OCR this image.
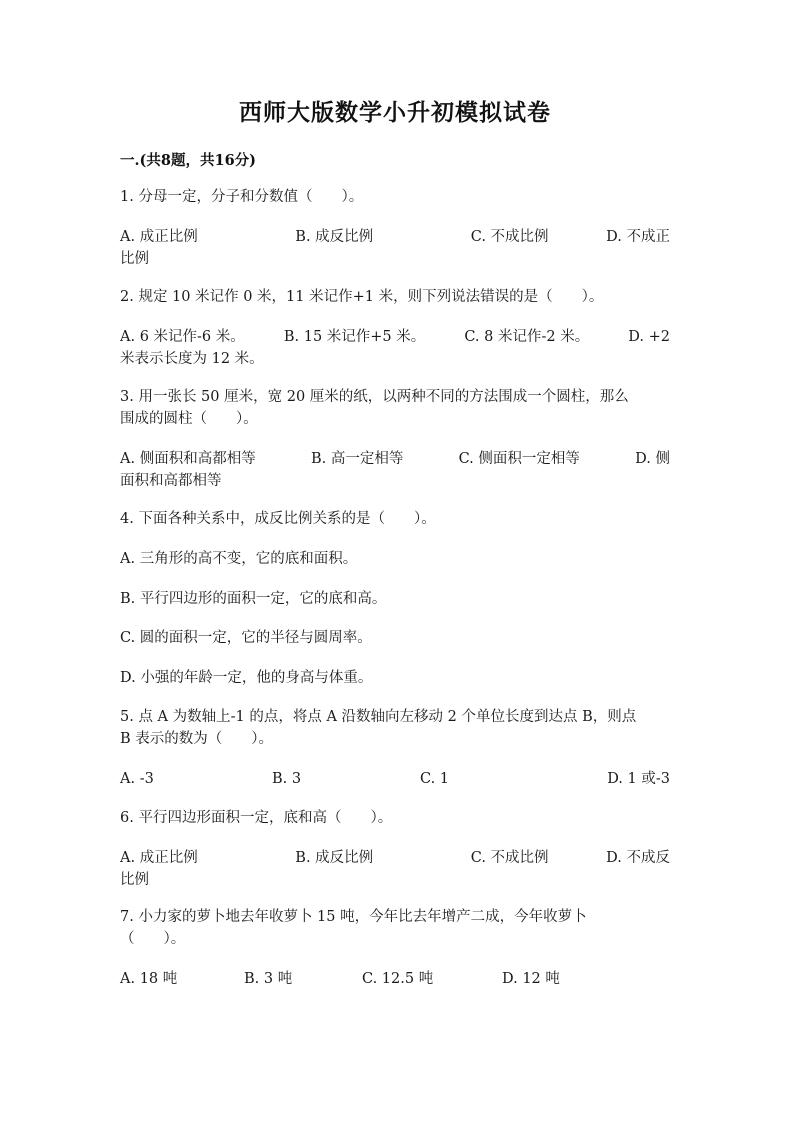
西师大版数学小升初模拟试卷
一.(共8题，共16分)
1. 分母一定，分子和分数值（　　）。
A. 成正比例	B. 成反比例	C. 不成比例	D. 不成正
比例
2. 规定 10 米记作 0 米，11 米记作+1 米，则下列说法错误的是（　　）。
A. 6 米记作-6 米。	B. 15 米记作+5 米。	C. 8 米记作-2 米。	D. +2
米表示长度为 12 米。
3. 用一张长 50 厘米，宽 20 厘米的纸，以两种不同的方法围成一个圆柱，那么
围成的圆柱（　　）。
A. 侧面积和高都相等	B. 高一定相等	C. 侧面积一定相等	D. 侧
面积和高都相等
4. 下面各种关系中，成反比例关系的是（　　）。
A. 三角形的高不变，它的底和面积。
B. 平行四边形的面积一定，它的底和高。
C. 圆的面积一定，它的半径与圆周率。
D. 小强的年龄一定，他的身高与体重。
5. 点 A 为数轴上-1 的点，将点 A 沿数轴向左移动 2 个单位长度到达点 B，则点
B 表示的数为（　　）。
A. -3	B. 3	C. 1	D. 1 或-3
6. 平行四边形面积一定，底和高（　　）。
A. 成正比例	B. 成反比例	C. 不成比例	D. 不成反
比例
7. 小力家的萝卜地去年收萝卜 15 吨，今年比去年增产二成，今年收萝卜
（　　）。
A. 18 吨	B. 3 吨	C. 12.5 吨	D. 12 吨
